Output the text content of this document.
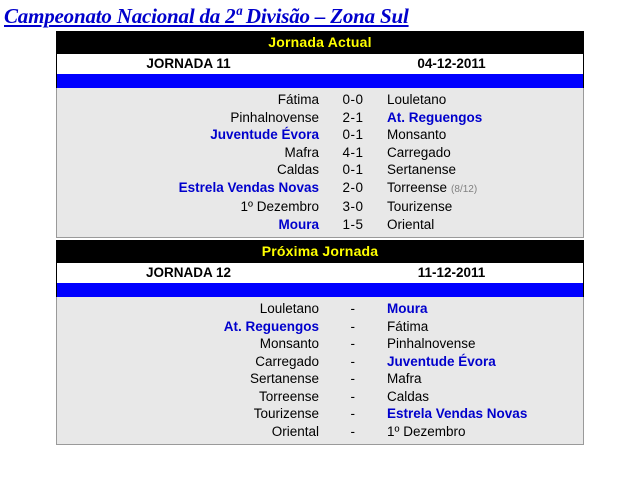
Campeonato Nacional da 2ª Divisão – Zona Sul
Jornada Actual
JORNADA 11	04-12-2011
Fátima	0-0	Louletano
Pinhalnovense	2-1	At. Reguengos
Juventude Évora	0-1	Monsanto
Mafra	4-1	Carregado
Caldas	0-1	Sertanense
Estrela Vendas Novas	2-0	Torreense (8/12)
1º Dezembro	3-0	Tourizense
Moura	1-5	Oriental
Próxima Jornada
JORNADA 12	11-12-2011
Louletano	-	Moura
At. Reguengos	-	Fátima
Monsanto	-	Pinhalnovense
Carregado	-	Juventude Évora
Sertanense	-	Mafra
Torreense	-	Caldas
Tourizense	-	Estrela Vendas Novas
Oriental	-	1º Dezembro
